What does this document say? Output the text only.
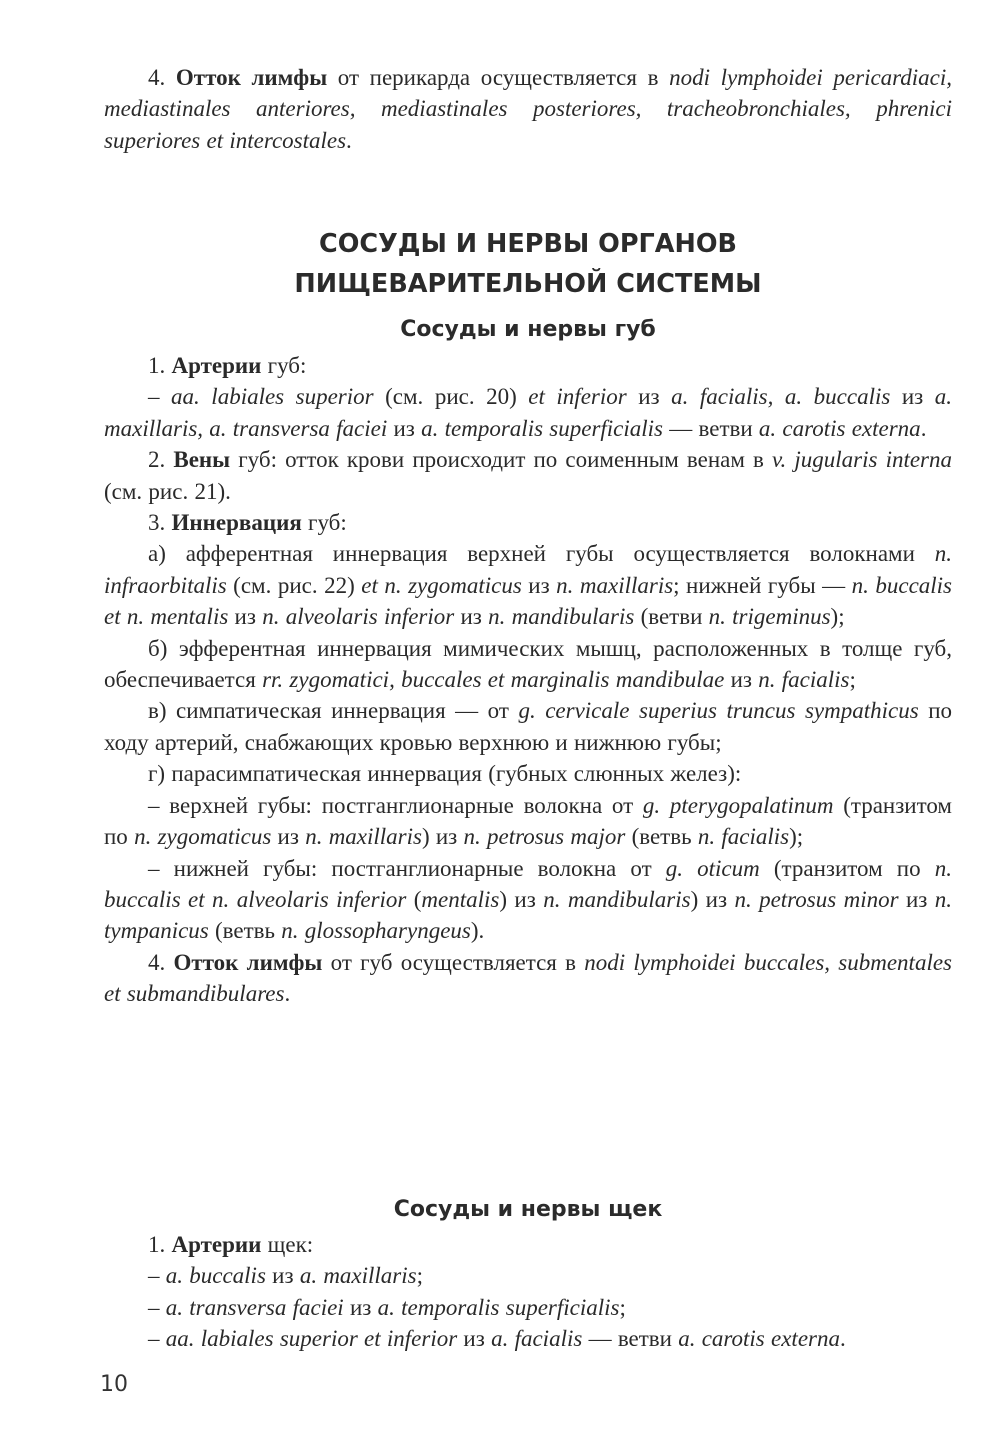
4. Отток лимфы от перикарда осуществляется в nodi lymphoidei pericardiaci, mediastinales anteriores, mediastinales posteriores, tracheobronchiales, phrenici superiores et intercostales.

СОСУДЫ И НЕРВЫ ОРГАНОВ
ПИЩЕВАРИТЕЛЬНОЙ СИСТЕМЫ
Сосуды и нервы губ

1. Артерии губ:

– aa. labiales superior (см. рис. 20) et inferior из a. facialis, a. buccalis из a. maxillaris, a. transversa faciei из a. temporalis superficialis — ветви a. carotis externa.

2. Вены губ: отток крови происходит по соименным венам в v. jugularis interna (см. рис. 21).

3. Иннервация губ:

а) афферентная иннервация верхней губы осуществляется волокнами n. infraorbitalis (см. рис. 22) et n. zygomaticus из n. maxillaris; нижней губы — n. buccalis et n. mentalis из n. alveolaris inferior из n. mandibularis (ветви n. trigeminus);

б) эфферентная иннервация мимических мышц, расположенных в толще губ, обеспечивается rr. zygomatici, buccales et marginalis mandibulae из n. facialis;

в) симпатическая иннервация — от g. cervicale superius truncus sympathicus по ходу артерий, снабжающих кровью верхнюю и нижнюю губы;

г) парасимпатическая иннервация (губных слюнных желез):

– верхней губы: постганглионарные волокна от g. pterygopalatinum (транзитом по n. zygomaticus из n. maxillaris) из n. petrosus major (ветвь n. facialis);

– нижней губы: постганглионарные волокна от g. oticum (транзитом по n. buccalis et n. alveolaris inferior (mentalis) из n. mandibularis) из n. petrosus minor из n. tympanicus (ветвь n. glossopharyngeus).

4. Отток лимфы от губ осуществляется в nodi lymphoidei buccales, submentales et submandibulares.

Сосуды и нервы щек

1. Артерии щек:

– a. buccalis из a. maxillaris;

– a. transversa faciei из a. temporalis superficialis;

– aa. labiales superior et inferior из a. facialis — ветви a. carotis externa.

10
